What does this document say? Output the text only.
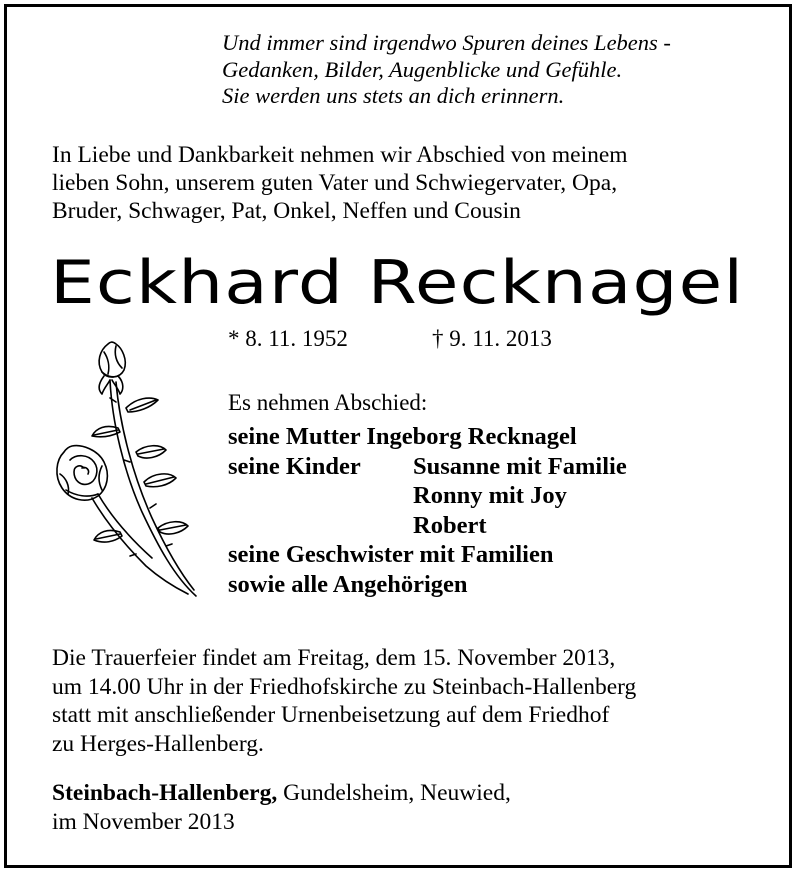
Und immer sind irgendwo Spuren deines Lebens -
Gedanken, Bilder, Augenblicke und Gefühle.
Sie werden uns stets an dich erinnern.
In Liebe und Dankbarkeit nehmen wir Abschied von meinem
lieben Sohn, unserem guten Vater und Schwiegervater, Opa,
Bruder, Schwager, Pat, Onkel, Neffen und Cousin
Eckhard Recknagel
* 8. 11. 1952	† 9. 11. 2013
Es nehmen Abschied:
seine Mutter Ingeborg Recknagel
seine Kinder Susanne mit Familie
Ronny mit Joy
Robert
seine Geschwister mit Familien
sowie alle Angehörigen
Die Trauerfeier findet am Freitag, dem 15. November 2013,
um 14.00 Uhr in der Friedhofskirche zu Steinbach-Hallenberg
statt mit anschließender Urnenbeisetzung auf dem Friedhof
zu Herges-Hallenberg.
Steinbach-Hallenberg, Gundelsheim, Neuwied,
im November 2013
